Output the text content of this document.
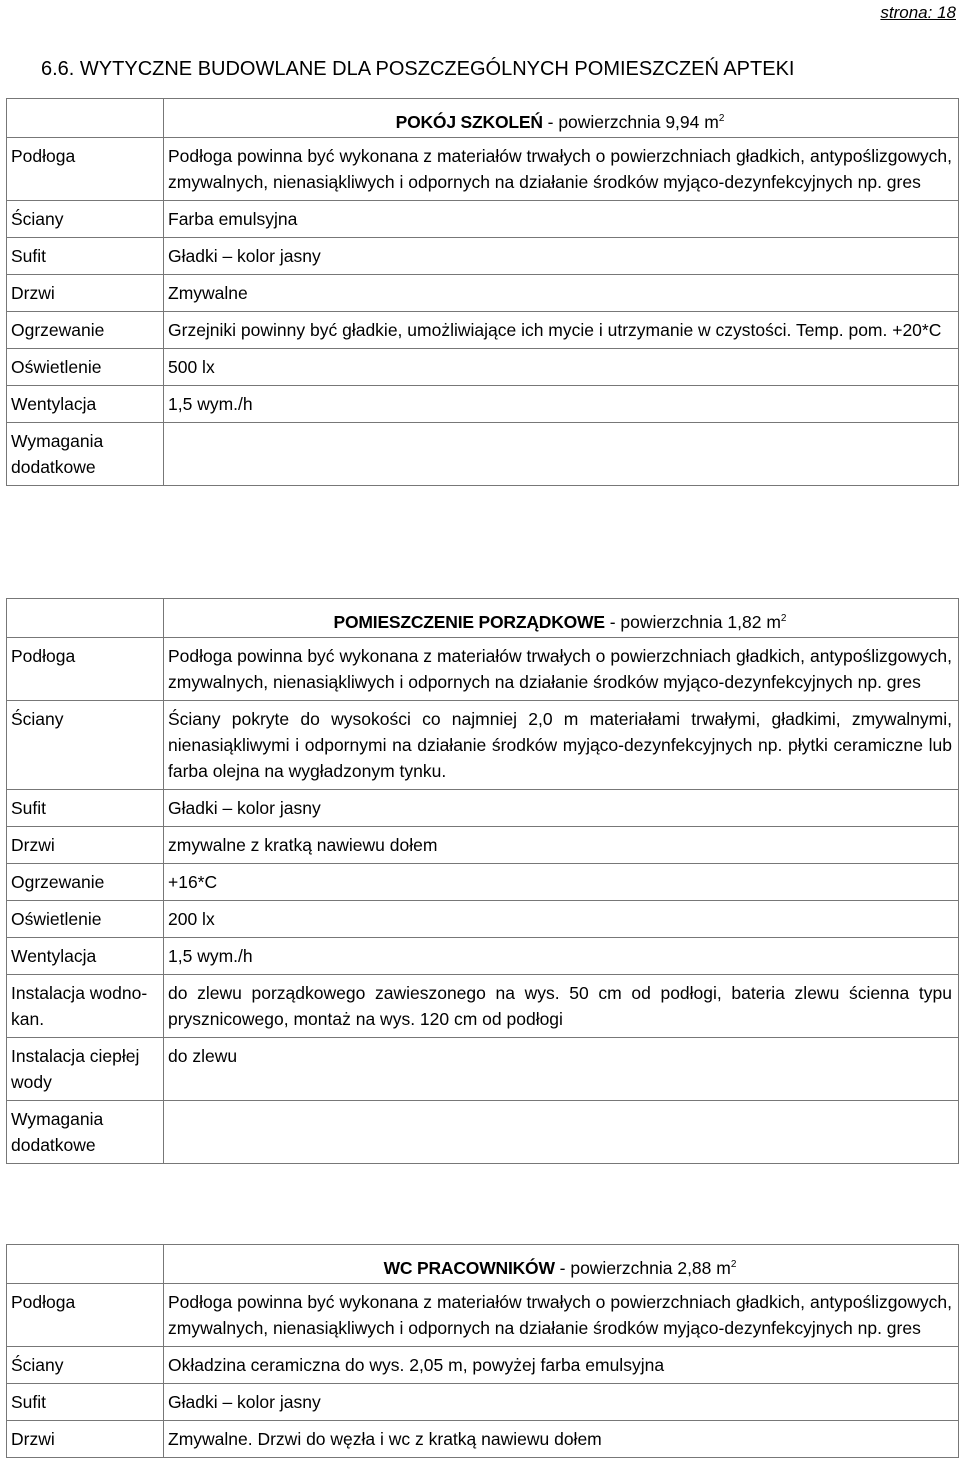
strona: 18
6.6. WYTYCZNE BUDOWLANE DLA POSZCZEGÓLNYCH POMIESZCZEŃ APTEKI
	POKÓJ SZKOLEŃ - powierzchnia 9,94 $m^2$
Podłoga	Podłoga powinna być wykonana z materiałów trwałych o powierzchniach gładkich, antypoślizgowych, zmywalnych, nienasiąkliwych i odpornych na działanie środków myjąco-dezynfekcyjnych np. gres
Ściany	Farba emulsyjna
Sufit	Gładki – kolor jasny
Drzwi	Zmywalne
Ogrzewanie	Grzejniki powinny być gładkie, umożliwiające ich mycie i utrzymanie w czystości. Temp. pom. +20*C
Oświetlenie	500 lx
Wentylacja	1,5 wym./h
Wymagania dodatkowe	
	POMIESZCZENIE PORZĄDKOWE - powierzchnia 1,82 $m^2$
Podłoga	Podłoga powinna być wykonana z materiałów trwałych o powierzchniach gładkich, antypoślizgowych, zmywalnych, nienasiąkliwych i odpornych na działanie środków myjąco-dezynfekcyjnych np. gres
Ściany	Ściany pokryte do wysokości co najmniej 2,0 m materiałami trwałymi, gładkimi, zmywalnymi, nienasiąkliwymi i odpornymi na działanie środków myjąco-dezynfekcyjnych np. płytki ceramiczne lub farba olejna na wygładzonym tynku.
Sufit	Gładki – kolor jasny
Drzwi	zmywalne z kratką nawiewu dołem
Ogrzewanie	+16*C
Oświetlenie	200 lx
Wentylacja	1,5 wym./h
Instalacja wodno-kan.	do zlewu porządkowego zawieszonego na wys. 50 cm od podłogi, bateria zlewu ścienna typu prysznicowego, montaż na wys. 120 cm od podłogi
Instalacja ciepłej wody	do zlewu
Wymagania dodatkowe	
	WC PRACOWNIKÓW - powierzchnia 2,88 $m^2$
Podłoga	Podłoga powinna być wykonana z materiałów trwałych o powierzchniach gładkich, antypoślizgowych, zmywalnych, nienasiąkliwych i odpornych na działanie środków myjąco-dezynfekcyjnych np. gres
Ściany	Okładzina ceramiczna do wys. 2,05 m, powyżej farba emulsyjna
Sufit	Gładki – kolor jasny
Drzwi	Zmywalne. Drzwi do węzła i wc z kratką nawiewu dołem
